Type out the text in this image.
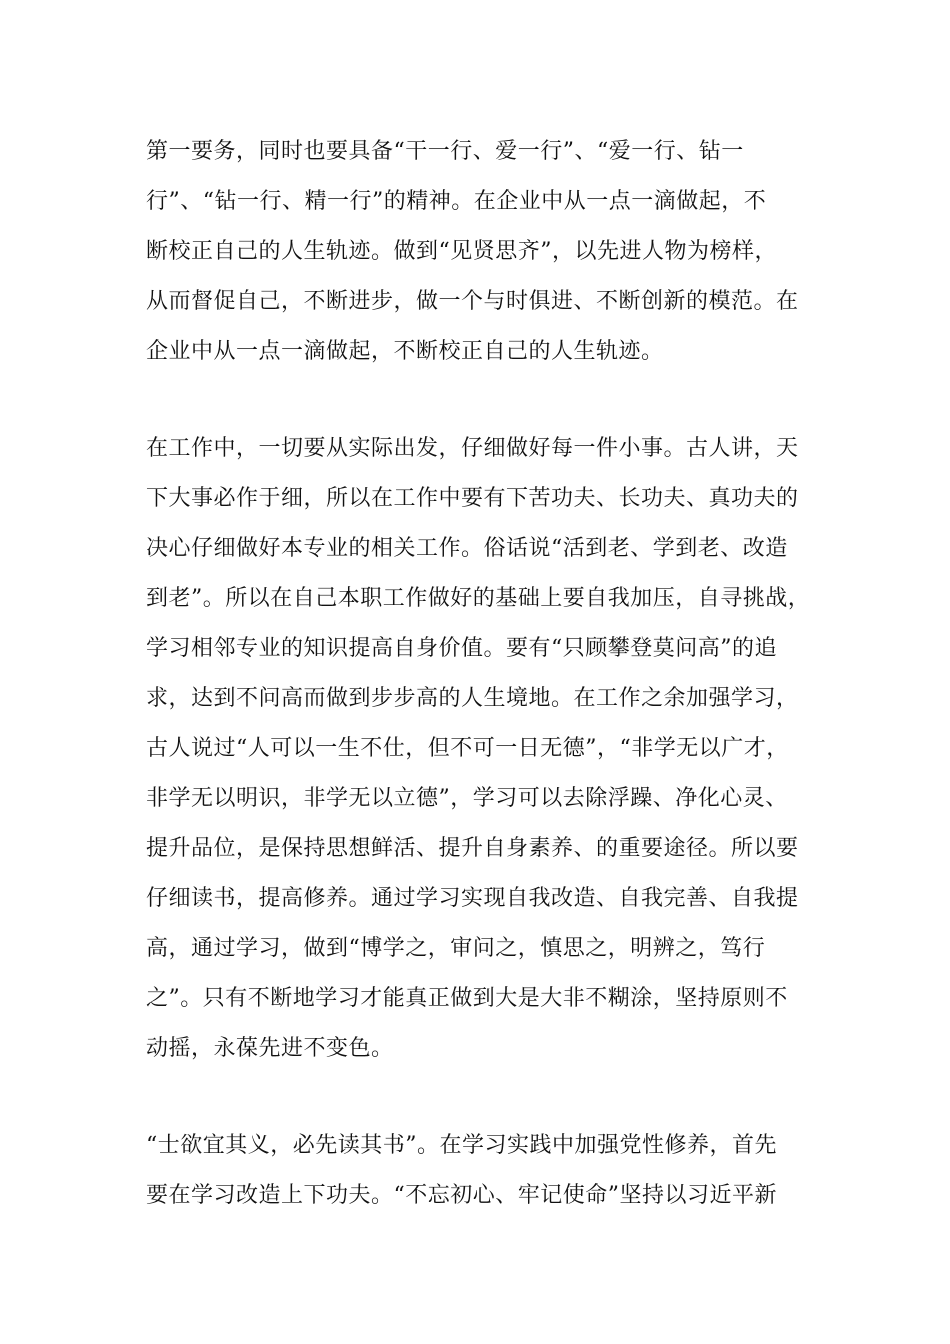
第一要务，同时也要具备“干一行、爱一行”、“爱一行、钻一
行”、“钻一行、精一行”的精神。在企业中从一点一滴做起，不
断校正自己的人生轨迹。做到“见贤思齐”，以先进人物为榜样，
从而督促自己，不断进步，做一个与时俱进、不断创新的模范。在
企业中从一点一滴做起，不断校正自己的人生轨迹。
在工作中，一切要从实际出发，仔细做好每一件小事。古人讲，天
下大事必作于细，所以在工作中要有下苦功夫、长功夫、真功夫的
决心仔细做好本专业的相关工作。俗话说“活到老、学到老、改造
到老”。所以在自己本职工作做好的基础上要自我加压，自寻挑战，
学习相邻专业的知识提高自身价值。要有“只顾攀登莫问高”的追
求，达到不问高而做到步步高的人生境地。在工作之余加强学习，
古人说过“人可以一生不仕，但不可一日无德”，“非学无以广才，
非学无以明识，非学无以立德”，学习可以去除浮躁、净化心灵、
提升品位，是保持思想鲜活、提升自身素养、的重要途径。所以要
仔细读书，提高修养。通过学习实现自我改造、自我完善、自我提
高，通过学习，做到“博学之，审问之，慎思之，明辨之，笃行
之”。只有不断地学习才能真正做到大是大非不糊涂，坚持原则不
动摇，永葆先进不变色。
“士欲宜其义，必先读其书”。在学习实践中加强党性修养，首先
要在学习改造上下功夫。“不忘初心、牢记使命”坚持以习近平新
